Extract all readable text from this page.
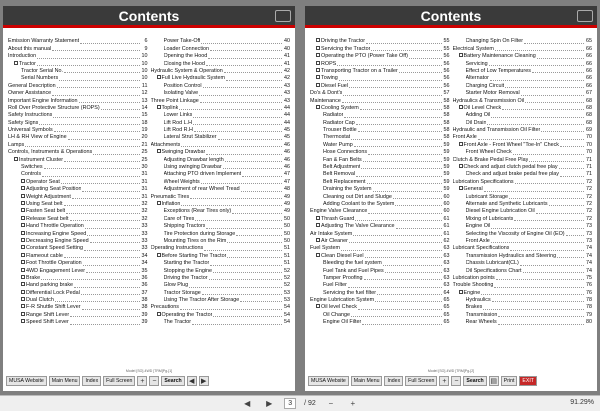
Contents
Emission Warranty Statement	6
About this manual	9
Introduction	10
Tractor	10
Tractor Serial No.	10
Serial Numbers	10
General Description	11
Owner Assistance	12
Important Engine Information	13
Roll Over Protective Structure (ROPS)	14
Safety Instructions	15
Safety Signs	18
Universal Symbols	19
LH & RH View of Engine	20
Lamps	21
Controls, Instruments & Operations	25
Instrument Cluster	25
Switches	30
Controls	31
Operator Seat	31
Adjusting Seat Position	31
Weight Adjustment	31
Using Seat belt	32
Fasten Seat belt	32
Release Seat belt	32
Hand Throttle Operation	33
Increasing Engine Speed	33
Decreasing Engine Speed	33
Constant Speed Setting	33
Flameout cable	34
Foot Throttle Operation	34
4WD Engagement Lever	35
Brake	36
Hand parking brake	36
Differential Lock Pedal	37
Dual Clutch	38
F-R Shuttle Shift Lever	38
Range Shift Lever	39
Speed Shift Lever	39
Power Take-Off	40
Loader Connection	40
Opening the Hood	41
Closing the Hood	41
Hydraulic System & Operation	42
Full Live Hydraulic System	42
Position Control	43
Isolating Valve	43
Three Point Linkage	43
Toplink	44
Lower Links	44
Lift Rod L.H	44
Lift Rod R.H	45
Lateral Strut Stabilizer	45
Attachments	46
Swinging Drawbar	46
Adjusting Drawbar length	46
Using swinging Drawbar	46
Attaching PTO driven Implement	47
Wheel Weights	47
Adjustment of rear Wheel Tread	48
Pneumatic Tires	49
Inflation	49
Exceptions (Rear Tires only)	49
Care of Tires	50
Shipping Tractors	50
Tire Protection during Storage	50
Mounting Tires on the Rim	50
Operating Instructions	51
Before Starting The Tractor	51
Starting the Tractor	51
Stopping the Engine	52
Driving the Tractor	52
Glow Plug	52
Tractor Storage	53
Using The Tractor After Storage	53
Precautions	54
Operating the Tractor	54
The Tractor	54
Model [SO]-4WD [TRM]Pg-[1]
MUSA Website	Main Menu	Index	Full Screen	+	−	Search	◀ ▶
Contents
Driving the Tractor	55
Servicing the Tractor	55
Operating the PTO (Power Take Off)	56
ROPS	56
Transporting Tractor on a Trailer	56
Towing	56
Diesel Fuel	56
Do's & Dont's	57
Maintenance	58
Cooling System	58
Radiator	58
Radiator Cap	58
Trouser Bottle	58
Thermostat	58
Water Pump	59
Hose Connections	59
Fan & Fan Belts	59
Belt Adjustment	59
Belt Removal	59
Belt Replacement	59
Draining the System	59
Cleaning out Dirt and Sludge	60
Adding Coolant to the System	60
Engine Valve Clearance	60
Thrash Guard	61
Adjusting The Valve Clearance	61
Air Intake System	61
Air Cleaner	62
Fuel System	63
Clean Diesel Fuel	63
Bleeding the fuel system	63
Fuel Tank and Fuel Pipes	63
Tamper Proofing	63
Fuel Filter	63
Servicing the fuel filter	64
Engine Lubrication System	65
Oil level Check	65
Oil Change	65
Engine Oil Filter	65
Changing Spin On Filter	65
Electrical System	66
Battery Maintenance Cleaning	66
Servicing	66
Effect of Low Temperatures	66
Alternator	66
Charging Circuit	66
Starter Motor Removal	67
Hydraulics & Transmission Oil	68
Oil Level Check	68
Adding Oil	68
Oil Drain	68
Hydraulic and Transmission Oil Filter	69
Front Axle	70
Front Axle - Front Wheel "Toe-In" Check	70
Front Wheel Check	70
Clutch & Brake Pedal Free Play	71
Check and adjust clutch pedal free play	71
Check and adjust brake pedal free play	71
Lubrication Specifications	72
General	72
Lubricant Storage	72
Alternate and Synthetic Lubricants	72
Diesel Engine Lubrication Oil	72
Mixing of Lubricants	72
Engine Oil	73
Selecting the Viscosity of Engine Oil (EO)	73
Front Axle	73
Lubricant Specifications	74
Transmission Hydraulics and Steering	74
Chassis Lubricant(CL)	74
Oil Specifications Chart	74
Lubrication points	75
Trouble Shooting	76
Engine	76
Hydraulics	78
Brakes	78
Transmission	79
Rear Wheels	80
Model [SO]-4WD [TRM]Pg-[2]
MUSA Website	Main Menu	Index	Full Screen	+	−	Search ▤	Print	EXIT
◀	▶	3	/ 92	−	+	91.29%
